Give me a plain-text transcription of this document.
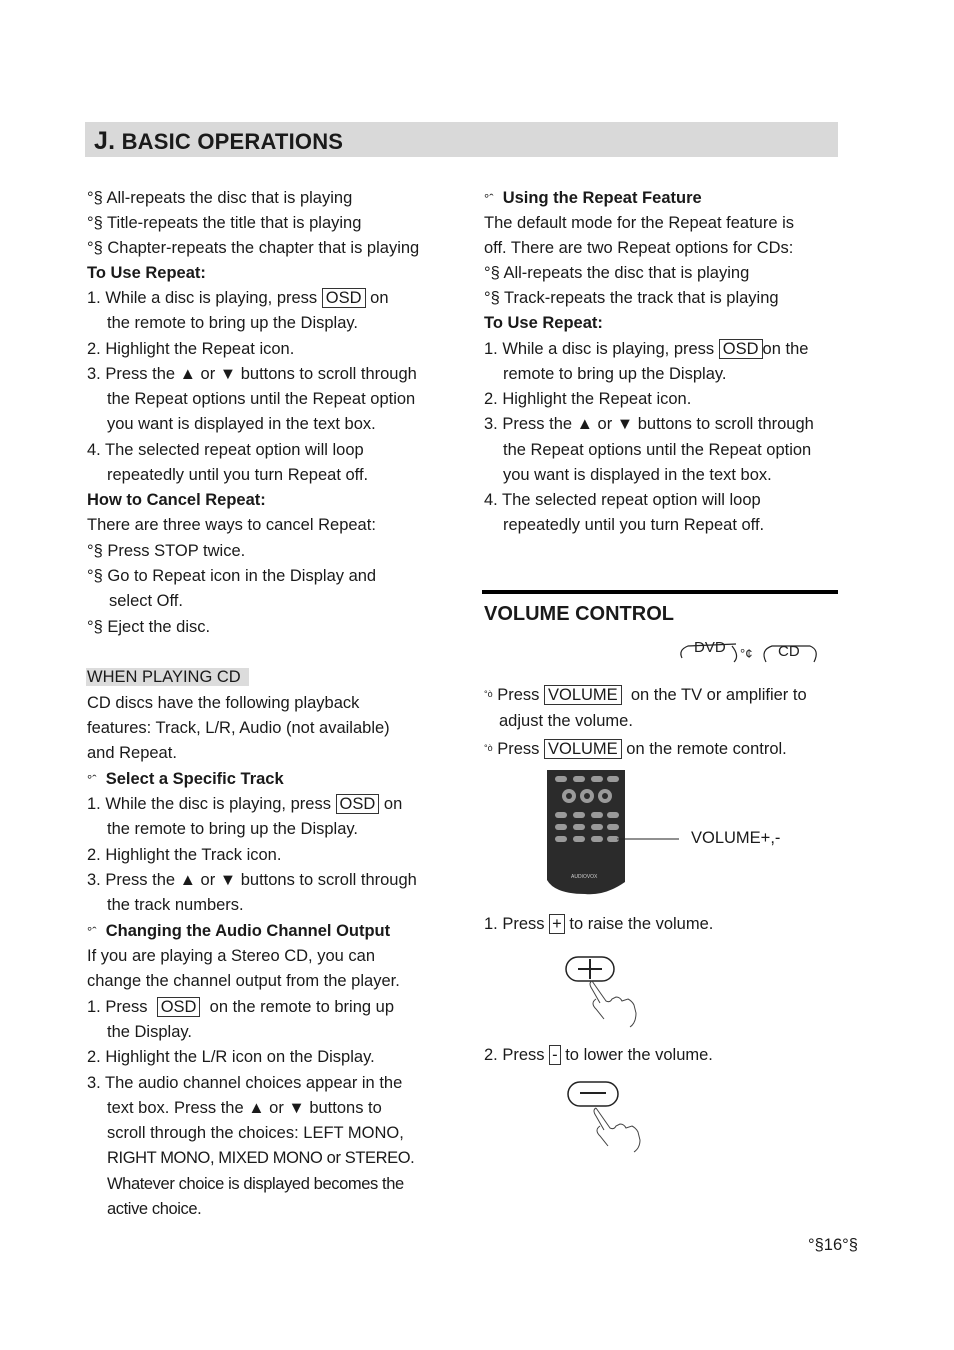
J. BASIC OPERATIONS
°§ All-repeats the disc that is playing
°§ Title-repeats the title that is playing
°§ Chapter-repeats the chapter that is playing
To Use Repeat:
1. While a disc is playing, press OSD on
the remote to bring up the Display.
2. Highlight the Repeat icon.
3. Press the ▲ or ▼ buttons to scroll through
the Repeat options until the Repeat option
you want is displayed in the text box.
4. The selected repeat option will loop
repeatedly until you turn Repeat off.
How to Cancel Repeat:
There are three ways to cancel Repeat:
°§ Press STOP twice.
°§ Go to Repeat icon in the Display and
select Off.
°§ Eject the disc.
WHEN PLAYING CD
CD discs have the following playback
features: Track, L/R, Audio (not available)
and Repeat.
°ˆ Select a Specific Track
1. While the disc is playing, press OSD on
the remote to bring up the Display.
2. Highlight the Track icon.
3. Press the ▲ or ▼ buttons to scroll through
the track numbers.
°ˆ Changing the Audio Channel Output
If you are playing a Stereo CD, you can
change the channel output from the player.
1. Press OSD on the remote to bring up
the Display.
2. Highlight the L/R icon on the Display.
3. The audio channel choices appear in the
text box. Press the ▲ or ▼ buttons to
scroll through the choices: LEFT MONO,
RIGHT MONO, MIXED MONO or STEREO.
Whatever choice is displayed becomes the
active choice.
°ˆ Using the Repeat Feature
The default mode for the Repeat feature is
off. There are two Repeat options for CDs:
°§ All-repeats the disc that is playing
°§ Track-repeats the track that is playing
To Use Repeat:
1. While a disc is playing, press OSD on the
remote to bring up the Display.
2. Highlight the Repeat icon.
3. Press the ▲ or ▼ buttons to scroll through
the Repeat options until the Repeat option
you want is displayed in the text box.
4. The selected repeat option will loop
repeatedly until you turn Repeat off.
VOLUME CONTROL
DVD °¢ CD
°ò Press VOLUME on the TV or amplifier to
adjust the volume.
°ò Press VOLUME on the remote control.
AUDIOVOX
VOLUME+,-
1. Press + to raise the volume.
2. Press - to lower the volume.
°§16°§
